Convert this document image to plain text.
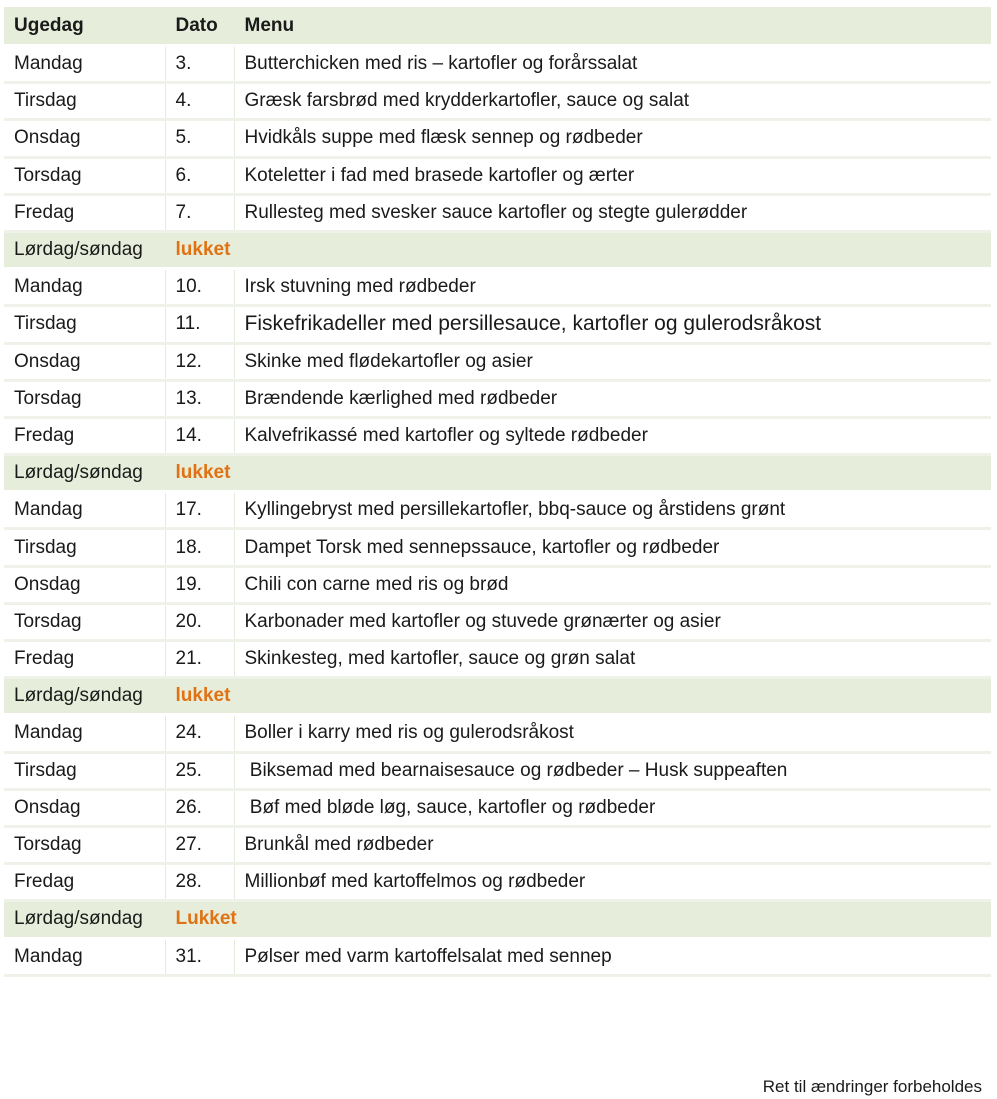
Ugedag	Dato	Menu
Mandag	3.	Butterchicken med ris – kartofler og forårssalat
Tirsdag	4.	Græsk farsbrød med krydderkartofler, sauce og salat
Onsdag	5.	Hvidkåls suppe med flæsk sennep og rødbeder
Torsdag	6.	Koteletter i fad med brasede kartofler og ærter
Fredag	7.	Rullesteg med svesker sauce kartofler og stegte gulerødder
Lørdag/søndag	lukket	
Mandag	10.	Irsk stuvning med rødbeder
Tirsdag	11.	Fiskefrikadeller med persillesauce, kartofler og gulerodsråkost
Onsdag	12.	Skinke med flødekartofler og asier
Torsdag	13.	Brændende kærlighed med rødbeder
Fredag	14.	Kalvefrikassé med kartofler og syltede rødbeder
Lørdag/søndag	lukket	
Mandag	17.	Kyllingebryst med persillekartofler, bbq-sauce og årstidens grønt
Tirsdag	18.	Dampet Torsk med sennepssauce, kartofler og rødbeder
Onsdag	19.	Chili con carne med ris og brød
Torsdag	20.	Karbonader med kartofler og stuvede grønærter og asier
Fredag	21.	Skinkesteg, med kartofler, sauce og grøn salat
Lørdag/søndag	lukket	
Mandag	24.	Boller i karry med ris og gulerodsråkost
Tirsdag	25.	Biksemad med bearnaisesauce og rødbeder – Husk suppeaften
Onsdag	26.	Bøf med bløde løg, sauce, kartofler og rødbeder
Torsdag	27.	Brunkål med rødbeder
Fredag	28.	Millionbøf med kartoffelmos og rødbeder
Lørdag/søndag	Lukket	
Mandag	31.	Pølser med varm kartoffelsalat med sennep
Ret til ændringer forbeholdes
